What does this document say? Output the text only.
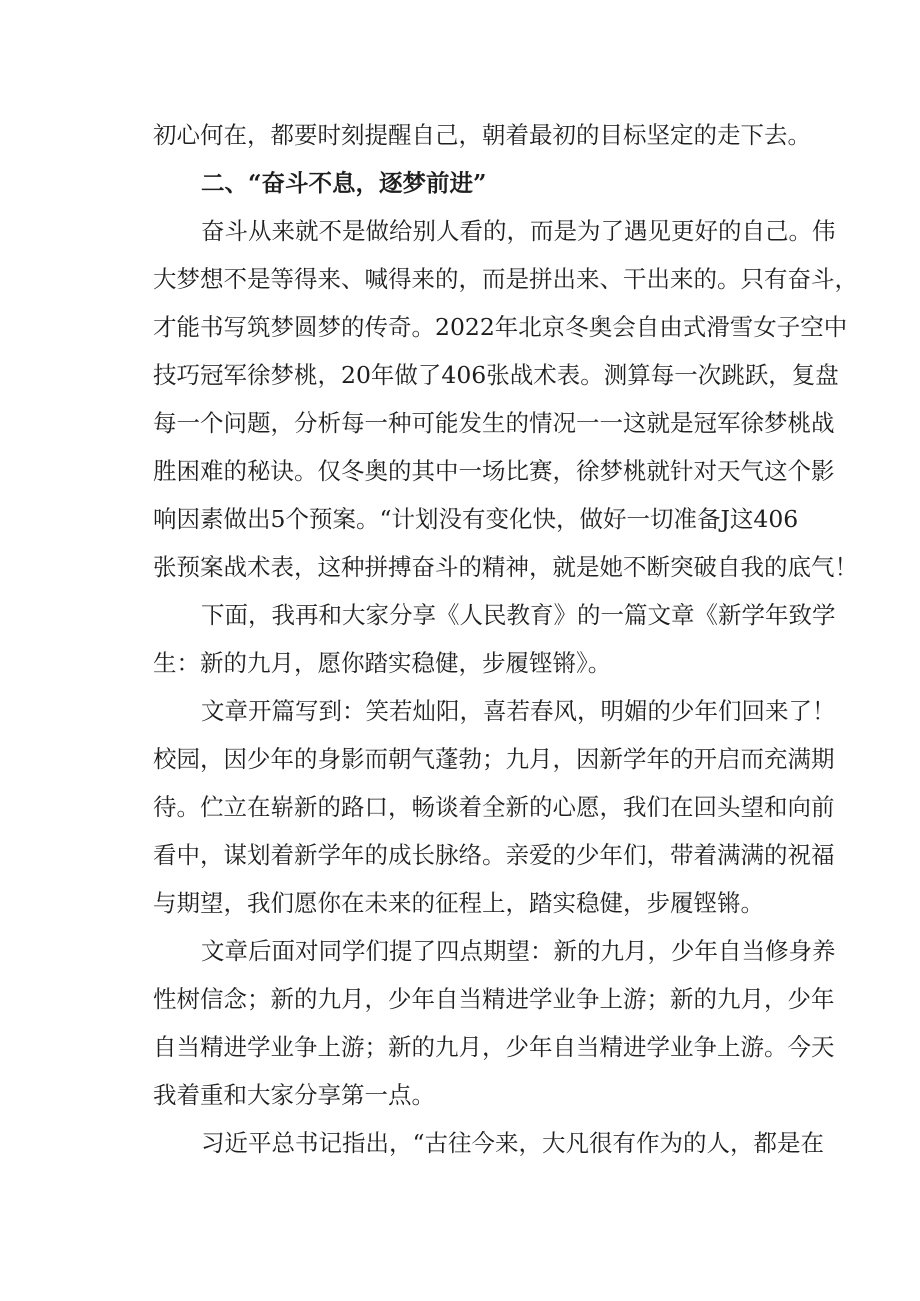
初心何在，都要时刻提醒自己，朝着最初的目标坚定的走下去。
二、“奋斗不息，逐梦前进”
奋斗从来就不是做给别人看的，而是为了遇见更好的自己。伟
大梦想不是等得来、喊得来的，而是拼出来、干出来的。只有奋斗，
才能书写筑梦圆梦的传奇。2022年北京冬奥会自由式滑雪女子空中
技巧冠军徐梦桃，20年做了406张战术表。测算每一次跳跃，复盘
每一个问题，分析每一种可能发生的情况一一这就是冠军徐梦桃战
胜困难的秘诀。仅冬奥的其中一场比赛，徐梦桃就针对天气这个影
响因素做出5个预案。“计划没有变化快，做好一切准备J这406
张预案战术表，这种拼搏奋斗的精神，就是她不断突破自我的底气！
下面，我再和大家分享《人民教育》的一篇文章《新学年致学
生：新的九月，愿你踏实稳健，步履铿锵》。
文章开篇写到：笑若灿阳，喜若春风，明媚的少年们回来了！
校园，因少年的身影而朝气蓬勃；九月，因新学年的开启而充满期
待。伫立在崭新的路口，畅谈着全新的心愿，我们在回头望和向前
看中，谋划着新学年的成长脉络。亲爱的少年们，带着满满的祝福
与期望，我们愿你在未来的征程上，踏实稳健，步履铿锵。
文章后面对同学们提了四点期望：新的九月，少年自当修身养
性树信念；新的九月，少年自当精进学业争上游；新的九月，少年
自当精进学业争上游；新的九月，少年自当精进学业争上游。今天
我着重和大家分享第一点。
习近平总书记指出，“古往今来，大凡很有作为的人，都是在
